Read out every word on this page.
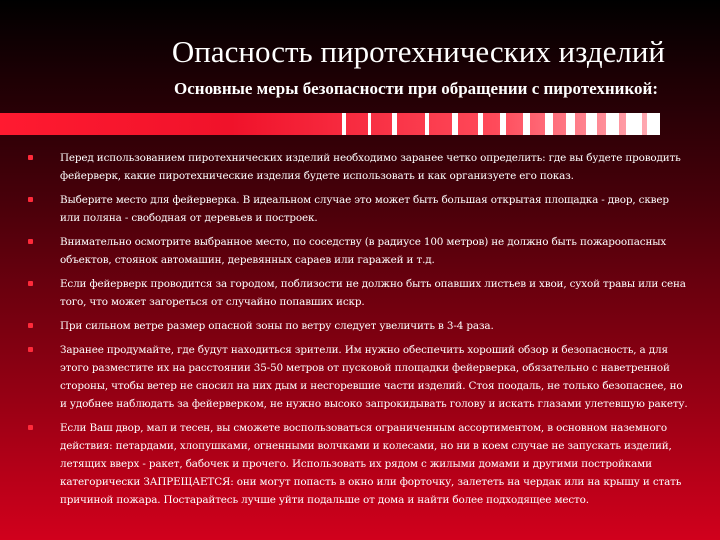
Опасность пиротехнических изделий
Основные меры безопасности при обращении с пиротехникой:
Перед использованием пиротехнических изделий необходимо заранее четко определить: где вы будете проводить фейерверк, какие пиротехнические изделия будете использовать и как организуете его показ.
Выберите место для фейерверка. В идеальном случае это может быть большая открытая площадка - двор, сквер или поляна - свободная от деревьев и построек.
Внимательно осмотрите выбранное место, по соседству (в радиусе 100 метров) не должно быть пожароопасных объектов, стоянок автомашин, деревянных сараев или гаражей и т.д.
Если фейерверк проводится за городом, поблизости не должно быть опавших листьев и хвои, сухой травы или сена того, что может загореться от случайно попавших искр.
При сильном ветре размер опасной зоны по ветру следует увеличить в 3-4 раза.
Заранее продумайте, где будут находиться зрители. Им нужно обеспечить хороший обзор и безопасность, а для этого разместите их на расстоянии 35-50 метров от пусковой площадки фейерверка, обязательно с наветренной стороны, чтобы ветер не сносил на них дым и несгоревшие части изделий. Стоя поодаль, не только безопаснее, но и удобнее наблюдать за фейерверком, не нужно высоко запрокидывать голову и искать глазами улетевшую ракету.
Если Ваш двор, мал и тесен, вы сможете воспользоваться ограниченным ассортиментом, в основном наземного действия: петардами, хлопушками, огненными волчками и колесами, но ни в коем случае не запускать изделий, летящих вверх - ракет, бабочек и прочего. Использовать их рядом с жилыми домами и другими постройками категорически ЗАПРЕЩАЕТСЯ: они могут попасть в окно или форточку, залететь на чердак или на крышу и стать причиной пожара. Постарайтесь лучше уйти подальше от дома и найти более подходящее место.
